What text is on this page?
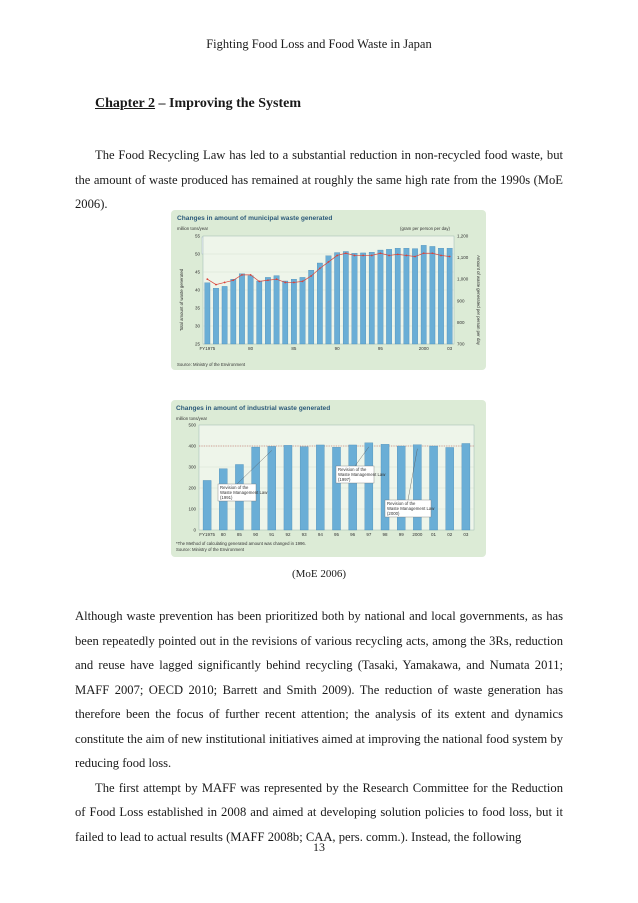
Fighting Food Loss and Food Waste in Japan
Chapter 2 – Improving the System

The Food Recycling Law has led to a substantial reduction in non-recycled food waste, but the amount of waste produced has remained at roughly the same high rate from the 1990s (MoE 2006).

Changes in amount of municipal waste generated
million tons/year	(gram per person per day)
Total amount of waste generated	Amount of waste generated per person per day
25
30
35
40
45
50
55
700
800
900
1,000
1,100
1,200
FY1975	80	85	90	95	2000	03
Source: Ministry of the Environment
Changes in amount of industrial waste generated
million tons/year
0
100
200
300
400
500
FY1975 80 85 90 91 92 93 94 95 96 97 98 99 2000 01 02 03
Revision of the Waste Management Law (1991)
Revision of the Waste Management Law (1997)
Revision of the Waste Management Law (2000)
*The Method of calculating generated amount was changed in 1996.
Source: Ministry of the Environment
(MoE 2006)

Although waste prevention has been prioritized both by national and local governments, as has been repeatedly pointed out in the revisions of various recycling acts, among the 3Rs, reduction and reuse have lagged significantly behind recycling (Tasaki, Yamakawa, and Numata 2011; MAFF 2007; OECD 2010; Barrett and Smith 2009). The reduction of waste generation has therefore been the focus of further recent attention; the analysis of its extent and dynamics constitute the aim of new institutional initiatives aimed at improving the national food system by reducing food loss.

The first attempt by MAFF was represented by the Research Committee for the Reduction of Food Loss established in 2008 and aimed at developing solution policies to food loss, but it failed to lead to actual results (MAFF 2008b; CAA, pers. comm.). Instead, the following

13
